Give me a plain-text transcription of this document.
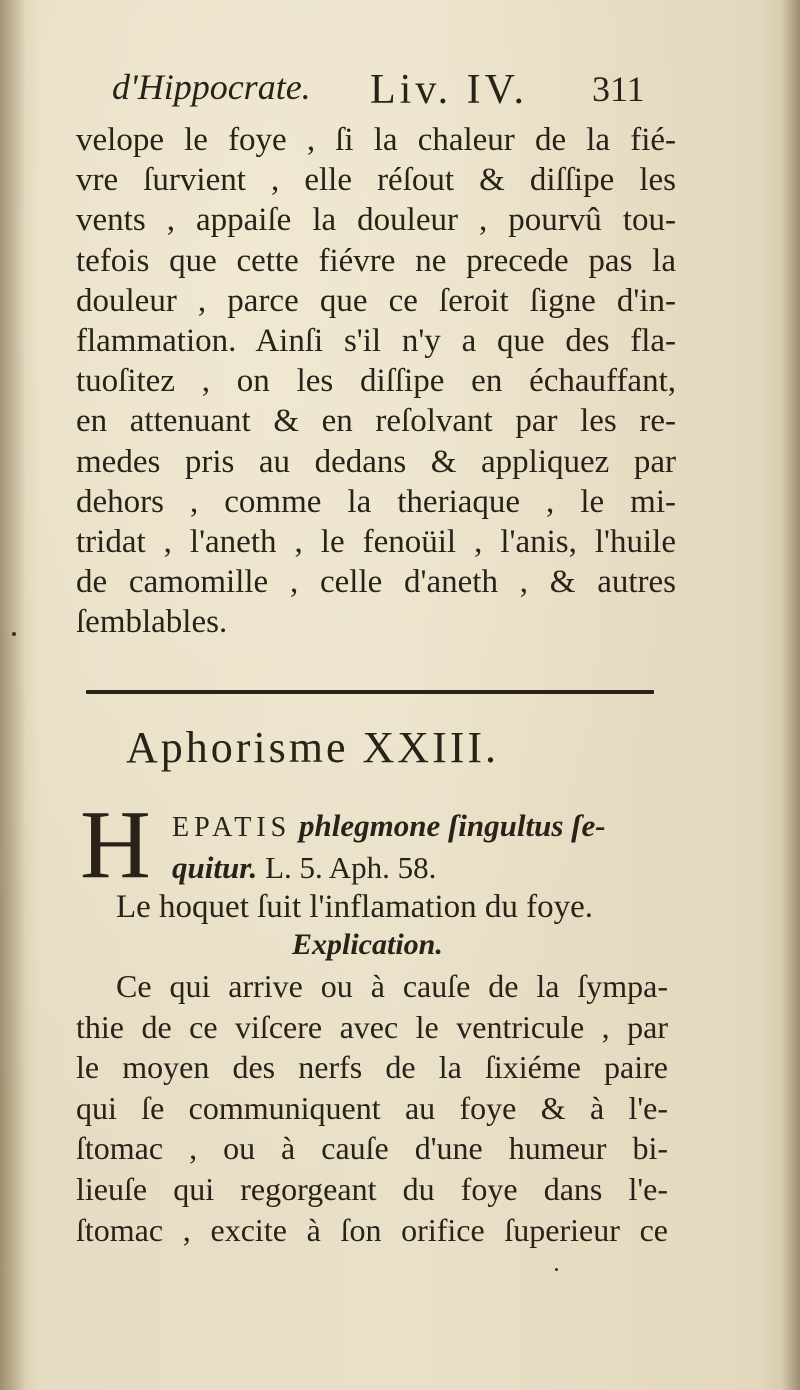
d'Hippocrate. Liv. IV. 311
velope le foye , ſi la chaleur de la fié-
vre ſurvient , elle réſout & diſſipe les
vents , appaiſe la douleur , pourvû tou-
tefois que cette fiévre ne precede pas la
douleur , parce que ce ſeroit ſigne d'in-
flammation. Ainſi s'il n'y a que des fla-
tuoſitez , on les diſſipe en échauffant,
en attenuant & en reſolvant par les re-
medes pris au dedans & appliquez par
dehors , comme la theriaque , le mi-
tridat , l'aneth , le fenoüil , l'anis, l'huile
de camomille , celle d'aneth , & autres
ſemblables.
Aphorisme XXIII.
H EPATIS phlegmone ſingultus ſe-
quitur. L. 5. Aph. 58.
Le hoquet ſuit l'inflamation du foye.
Explication.
Ce qui arrive ou à cauſe de la ſympa-
thie de ce viſcere avec le ventricule , par
le moyen des nerfs de la ſixiéme paire
qui ſe communiquent au foye & à l'e-
ſtomac , ou à cauſe d'une humeur bi-
lieuſe qui regorgeant du foye dans l'e-
ſtomac , excite à ſon orifice ſuperieur ce
